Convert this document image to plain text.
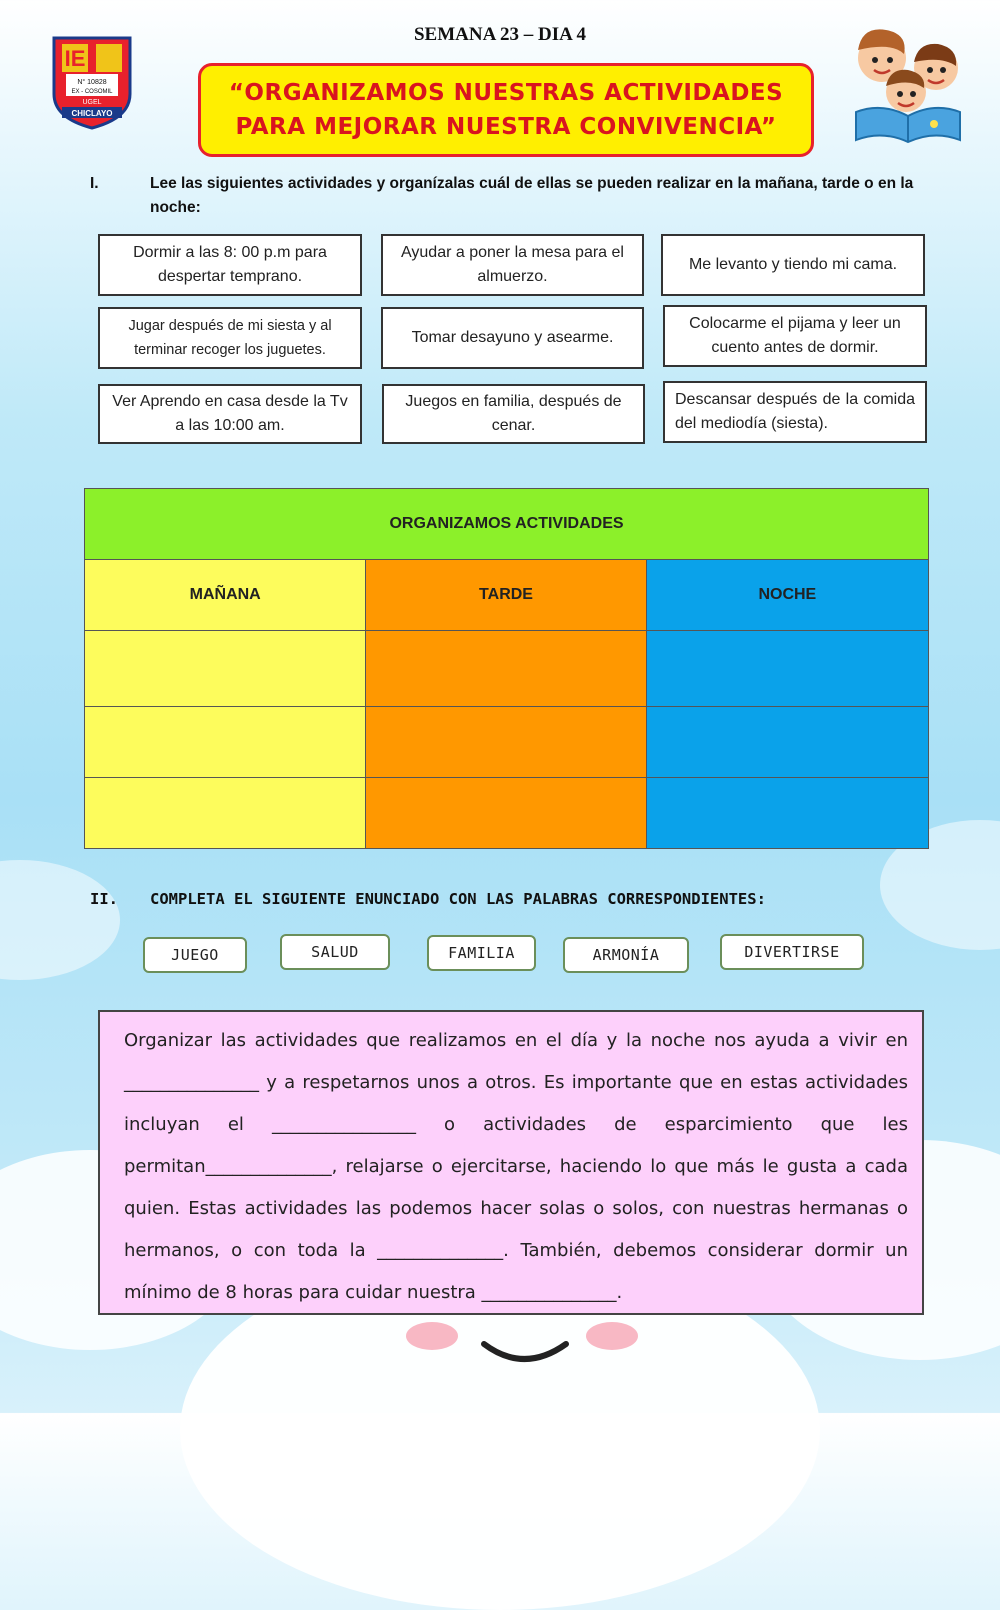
SEMANA 23 – DIA 4
IE
N° 10828
EX - COSOMIL
UGEL
CHICLAYO
“ORGANIZAMOS NUESTRAS ACTIVIDADES
PARA MEJORAR NUESTRA CONVIVENCIA”
I.	Lee las siguientes actividades y organízalas cuál de ellas se pueden realizar en la mañana, tarde o en la noche:
Dormir a las 8: 00 p.m para despertar temprano.
Ayudar a poner la mesa para el almuerzo.
Me levanto y tiendo mi cama.
Jugar después de mi siesta y al terminar recoger los juguetes.
Tomar desayuno y asearme.
Colocarme el pijama y leer un cuento antes de dormir.
Ver Aprendo en casa desde la Tv a las 10:00 am.
Juegos en familia, después de cenar.
Descansar después de la comida del mediodía (siesta).
ORGANIZAMOS ACTIVIDADES		
MAÑANA	TARDE	NOCHE

II. COMPLETA EL SIGUIENTE ENUNCIADO CON LAS PALABRAS CORRESPONDIENTES:
JUEGO	SALUD	FAMILIA	ARMONÍA	DIVERTIRSE
Organizar las actividades que realizamos en el día y la noche nos ayuda a vivir en _______________ y a respetarnos unos a otros. Es importante que en estas actividades incluyan el ________________ o actividades de esparcimiento que les permitan______________, relajarse o ejercitarse, haciendo lo que más le gusta a cada quien. Estas actividades las podemos hacer solas o solos, con nuestras hermanas o hermanos, o con toda la ______________. También, debemos considerar dormir un mínimo de 8 horas para cuidar nuestra _______________.
